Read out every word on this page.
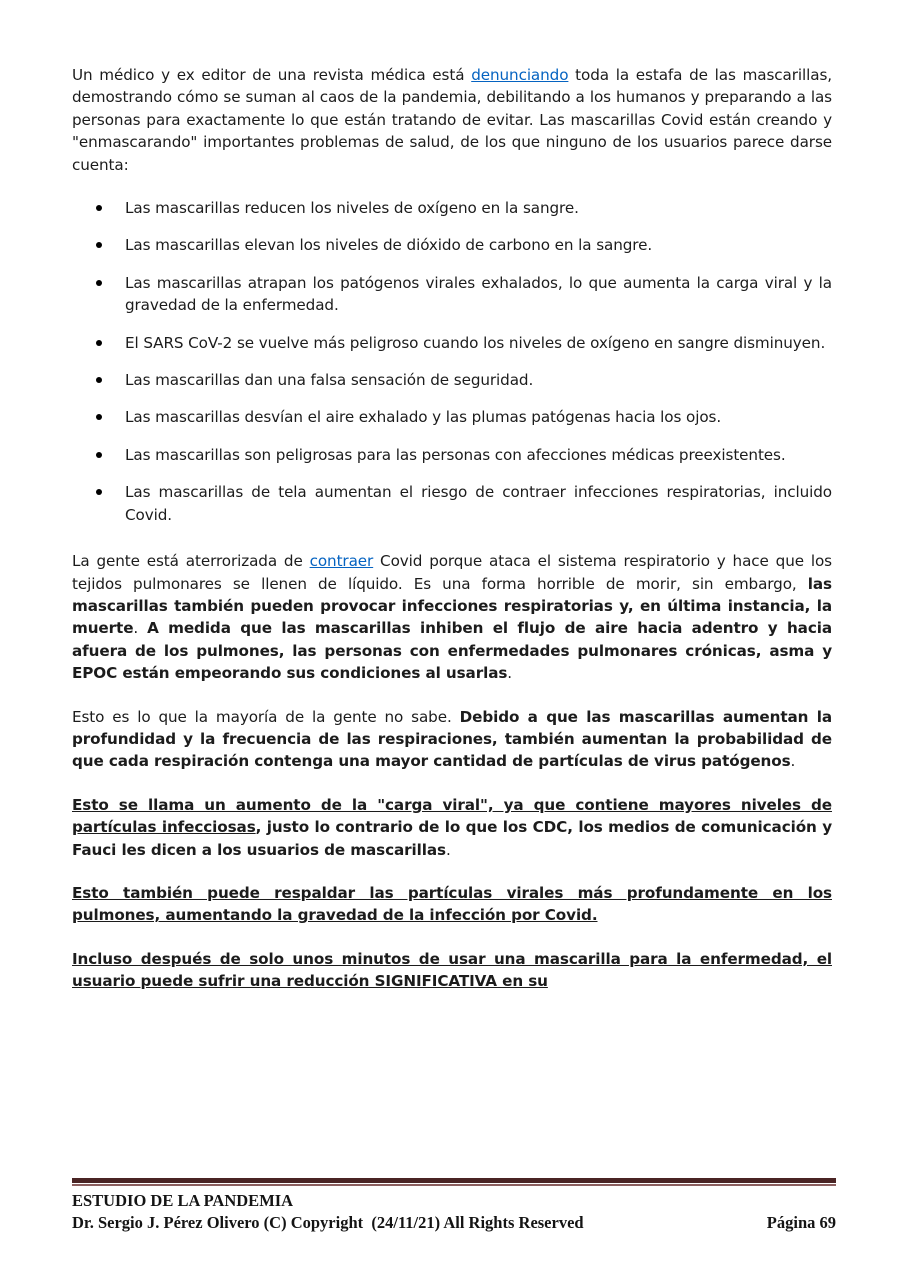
Un médico y ex editor de una revista médica está denunciando toda la estafa de las mascarillas, demostrando cómo se suman al caos de la pandemia, debilitando a los humanos y preparando a las personas para exactamente lo que están tratando de evitar. Las mascarillas Covid están creando y "enmascarando" importantes problemas de salud, de los que ninguno de los usuarios parece darse cuenta:

Las mascarillas reducen los niveles de oxígeno en la sangre.
Las mascarillas elevan los niveles de dióxido de carbono en la sangre.
Las mascarillas atrapan los patógenos virales exhalados, lo que aumenta la carga viral y la gravedad de la enfermedad.
El SARS CoV-2 se vuelve más peligroso cuando los niveles de oxígeno en sangre disminuyen.
Las mascarillas dan una falsa sensación de seguridad.
Las mascarillas desvían el aire exhalado y las plumas patógenas hacia los ojos.
Las mascarillas son peligrosas para las personas con afecciones médicas preexistentes.
Las mascarillas de tela aumentan el riesgo de contraer infecciones respiratorias, incluido Covid.

La gente está aterrorizada de contraer Covid porque ataca el sistema respiratorio y hace que los tejidos pulmonares se llenen de líquido. Es una forma horrible de morir, sin embargo, las mascarillas también pueden provocar infecciones respiratorias y, en última instancia, la muerte. A medida que las mascarillas inhiben el flujo de aire hacia adentro y hacia afuera de los pulmones, las personas con enfermedades pulmonares crónicas, asma y EPOC están empeorando sus condiciones al usarlas.

Esto es lo que la mayoría de la gente no sabe. Debido a que las mascarillas aumentan la profundidad y la frecuencia de las respiraciones, también aumentan la probabilidad de que cada respiración contenga una mayor cantidad de partículas de virus patógenos.

Esto se llama un aumento de la "carga viral", ya que contiene mayores niveles de partículas infecciosas, justo lo contrario de lo que los CDC, los medios de comunicación y Fauci les dicen a los usuarios de mascarillas.

Esto también puede respaldar las partículas virales más profundamente en los pulmones, aumentando la gravedad de la infección por Covid.

Incluso después de solo unos minutos de usar una mascarilla para la enfermedad, el usuario puede sufrir una reducción SIGNIFICATIVA en su

ESTUDIO DE LA PANDEMIA
Dr. Sergio J. Pérez Olivero (C) Copyright  (24/11/21) All Rights Reserved	Página 69
